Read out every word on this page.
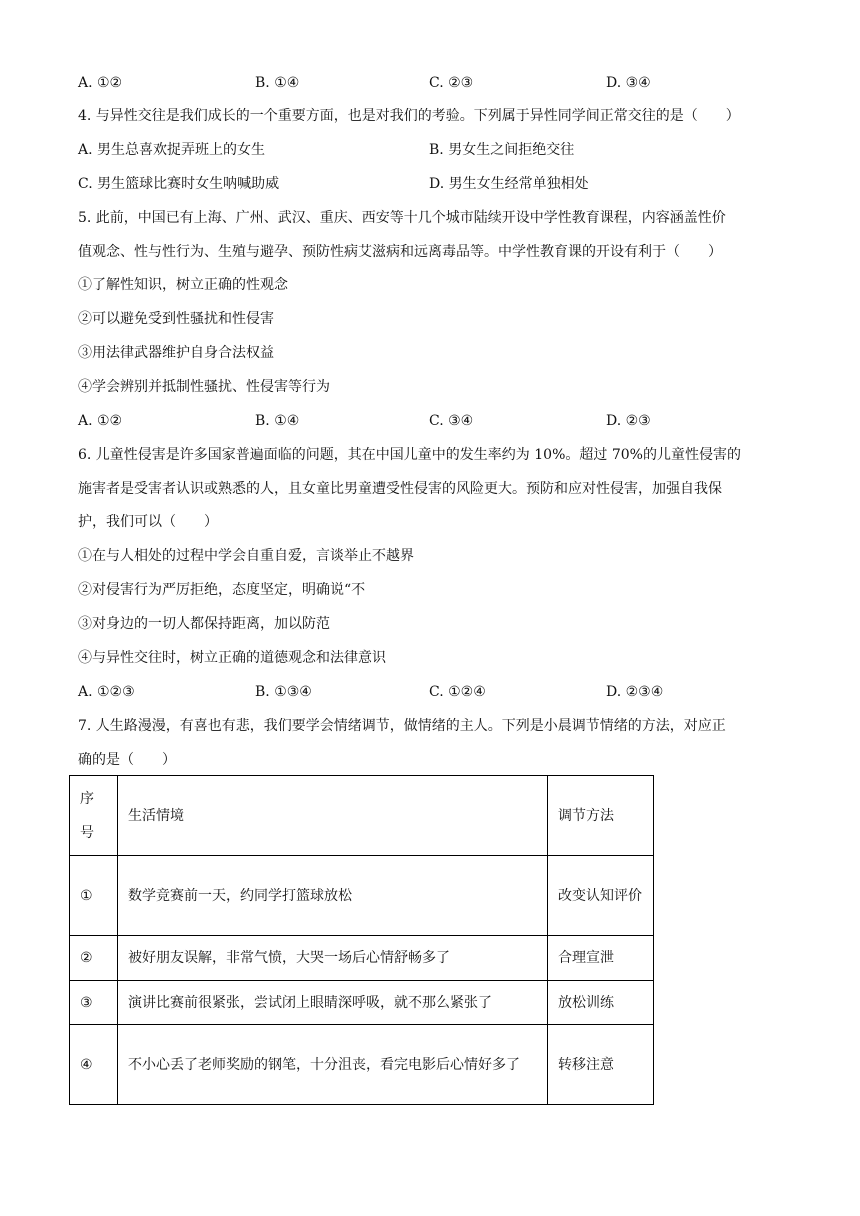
A. ①②	B. ①④	C. ②③	D. ③④
4. 与异性交往是我们成长的一个重要方面，也是对我们的考验。下列属于异性同学间正常交往的是（　　）
A. 男生总喜欢捉弄班上的女生	B. 男女生之间拒绝交往
C. 男生篮球比赛时女生呐喊助威	D. 男生女生经常单独相处
5. 此前，中国已有上海、广州、武汉、重庆、西安等十几个城市陆续开设中学性教育课程，内容涵盖性价
值观念、性与性行为、生殖与避孕、预防性病艾滋病和远离毒品等。中学性教育课的开设有利于（　　）
①了解性知识，树立正确的性观念
②可以避免受到性骚扰和性侵害
③用法律武器维护自身合法权益
④学会辨别并抵制性骚扰、性侵害等行为
A. ①②	B. ①④	C. ③④	D. ②③
6. 儿童性侵害是许多国家普遍面临的问题，其在中国儿童中的发生率约为 10%。超过 70%的儿童性侵害的
施害者是受害者认识或熟悉的人，且女童比男童遭受性侵害的风险更大。预防和应对性侵害，加强自我保
护，我们可以（　　）
①在与人相处的过程中学会自重自爱，言谈举止不越界
②对侵害行为严厉拒绝，态度坚定，明确说“不
③对身边的一切人都保持距离，加以防范
④与异性交往时，树立正确的道德观念和法律意识
A. ①②③	B. ①③④	C. ①②④	D. ②③④
7. 人生路漫漫，有喜也有悲，我们要学会情绪调节，做情绪的主人。下列是小晨调节情绪的方法，对应正
确的是（　　）
序号	生活情境	调节方法
①	数学竞赛前一天，约同学打篮球放松	改变认知评价
②	被好朋友误解，非常气愤，大哭一场后心情舒畅多了	合理宣泄
③	演讲比赛前很紧张，尝试闭上眼睛深呼吸，就不那么紧张了	放松训练
④	不小心丢了老师奖励的钢笔，十分沮丧，看完电影后心情好多了	转移注意
